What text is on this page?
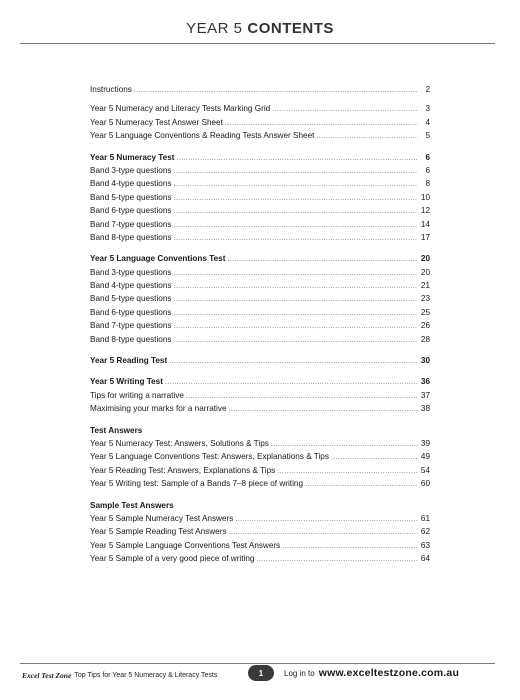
YEAR 5 CONTENTS
Instructions .....	2
Year 5 Numeracy and Literacy Tests Marking Grid .....	3
Year 5 Numeracy Test Answer Sheet .....	4
Year 5 Language Conventions & Reading Tests Answer Sheet .....	5
Year 5 Numeracy Test .....	6
Band 3-type questions .....	6
Band 4-type questions .....	8
Band 5-type questions .....	10
Band 6-type questions .....	12
Band 7-type questions .....	14
Band 8-type questions .....	17
Year 5 Language Conventions Test .....	20
Band 3-type questions .....	20
Band 4-type questions .....	21
Band 5-type questions .....	23
Band 6-type questions .....	25
Band 7-type questions .....	26
Band 8-type questions .....	28
Year 5 Reading Test .....	30
Year 5 Writing Test .....	36
Tips for writing a narrative .....	37
Maximising your marks for a narrative .....	38
Test Answers
Year 5 Numeracy Test: Answers, Solutions & Tips .....	39
Year 5 Language Conventions Test: Answers, Explanations & Tips .....	49
Year 5 Reading Test: Answers, Explanations & Tips .....	54
Year 5 Writing test: Sample of a Bands 7–8 piece of writing .....	60
Sample Test Answers
Year 5 Sample Numeracy Test Answers .....	61
Year 5 Sample Reading Test Answers .....	62
Year 5 Sample Language Conventions Test Answers .....	63
Year 5 Sample of a very good piece of writing .....	64
Excel Test Zone Top Tips for Year 5 Numeracy & Literacy Tests	1	Log in to www.exceltestzone.com.au
